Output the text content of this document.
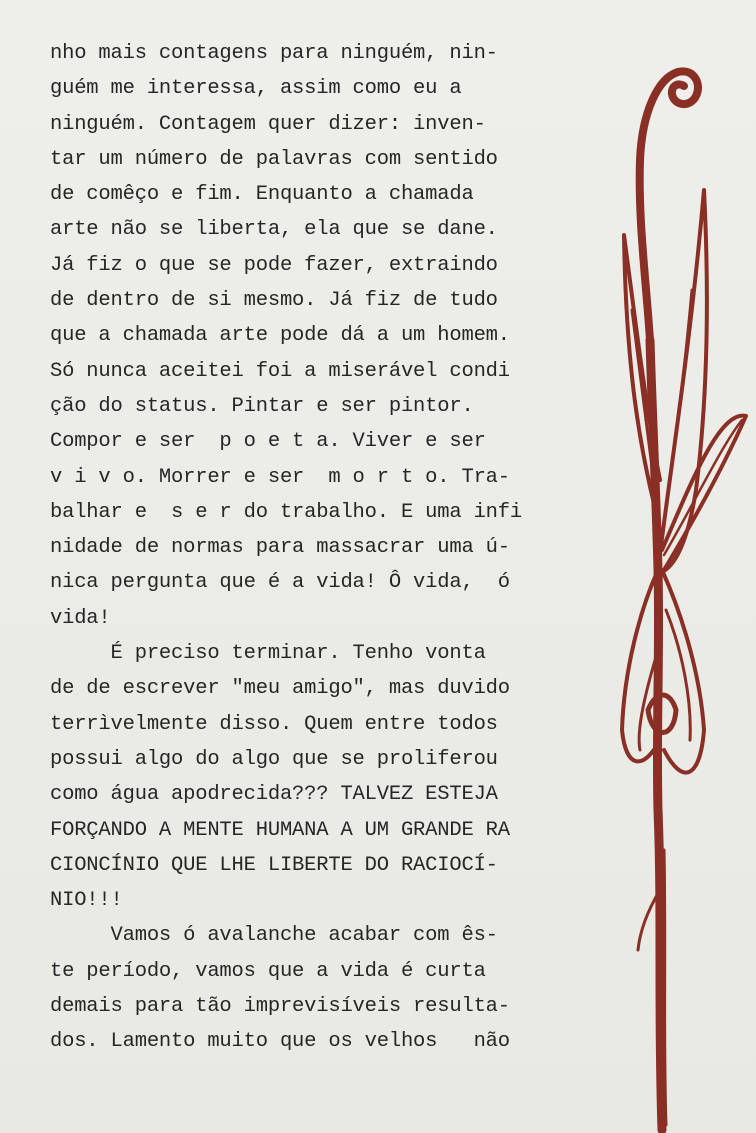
nho mais contagens para ninguém, nin-
guém me interessa, assim como eu a
ninguém. Contagem quer dizer: inven-
tar um número de palavras com sentido
de comêço e fim. Enquanto a chamada
arte não se liberta, ela que se dane.
Já fiz o que se pode fazer, extraindo
de dentro de si mesmo. Já fiz de tudo
que a chamada arte pode dá a um homem.
Só nunca aceitei foi a miserável condi
ção do status. Pintar e ser pintor.
Compor e ser  p o e t a. Viver e ser
v i v o. Morrer e ser  m o r t o. Tra-
balhar e  s e r do trabalho. E uma infi
nidade de normas para massacrar uma ú-
nica pergunta que é a vida! Ô vida,  ó
vida!
É preciso terminar. Tenho vonta
de de escrever "meu amigo", mas duvido
terrìvelmente disso. Quem entre todos
possui algo do algo que se proliferou
como água apodrecida??? TALVEZ ESTEJA
FORÇANDO A MENTE HUMANA A UM GRANDE RA
CIONCÍNIO QUE LHE LIBERTE DO RACIOCÍ-
NIO!!!
Vamos ó avalanche acabar com ês-
te período, vamos que a vida é curta
demais para tão imprevisíveis resulta-
dos. Lamento muito que os velhos   não
